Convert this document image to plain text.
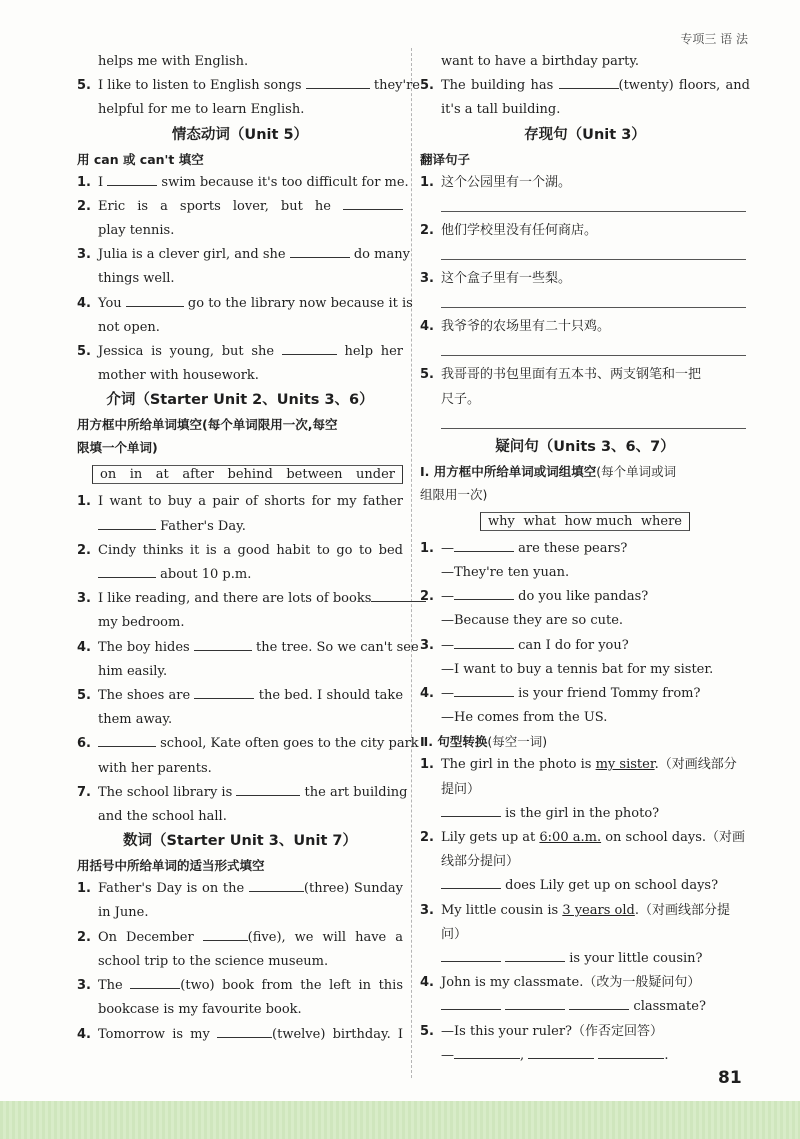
专项三 语 法
helps me with English.
5. I like to listen to English songs	they're
helpful for me to learn English.
情态动词（Unit 5）
用 can 或 can't 填空
1. I	swim because it's too difficult for me.
2. Eric is a sports lover, but he
play tennis.
3. Julia is a clever girl, and she	do many
things well.
4. You	go to the library now because it is
not open.
5. Jessica is young, but she	help her
mother with housework.
介词（Starter Unit 2、Units 3、6）
用方框中所给单词填空(每个单词限用一次,每空
限填一个单词)
on in at after behind between under
1. I want to buy a pair of shorts for my father
Father's Day.
2. Cindy thinks it is a good habit to go to bed
about 10 p.m.
3. I like reading, and there are lots of books
my bedroom.
4. The boy hides	the tree. So we can't see
him easily.
5. The shoes are	the bed. I should take
them away.
6.	school, Kate often goes to the city park
with her parents.
7. The school library is	the art building
and the school hall.
数词（Starter Unit 3、Unit 7）
用括号中所给单词的适当形式填空
1. Father's Day is on the	(three) Sunday
in June.
2. On December	(five), we will have a
school trip to the science museum.
3. The	(two) book from the left in this
bookcase is my favourite book.
4. Tomorrow is my	(twelve) birthday. I
want to have a birthday party.
5. The building has	(twenty) floors, and
it's a tall building.
存现句（Unit 3）
翻译句子
1. 这个公园里有一个湖。
2. 他们学校里没有任何商店。
3. 这个盒子里有一些梨。
4. 我爷爷的农场里有二十只鸡。
5. 我哥哥的书包里面有五本书、两支钢笔和一把
尺子。
疑问句（Units 3、6、7）
Ⅰ. 用方框中所给单词或词组填空(每个单词或词
组限用一次)
why what how much where
1. —	are these pears?
—They're ten yuan.
2. —	do you like pandas?
—Because they are so cute.
3. —	can I do for you?
—I want to buy a tennis bat for my sister.
4. —	is your friend Tommy from?
—He comes from the US.
Ⅱ. 句型转换(每空一词)
1. The girl in the photo is my sister.（对画线部分
提问）
is the girl in the photo?
2. Lily gets up at 6:00 a.m. on school days.（对画
线部分提问）
does Lily get up on school days?
3. My little cousin is 3 years old.（对画线部分提
问）
is your little cousin?
4. John is my classmate.（改为一般疑问句）
classmate?
5. —Is this your ruler?（作否定回答）
—	,	.
81
